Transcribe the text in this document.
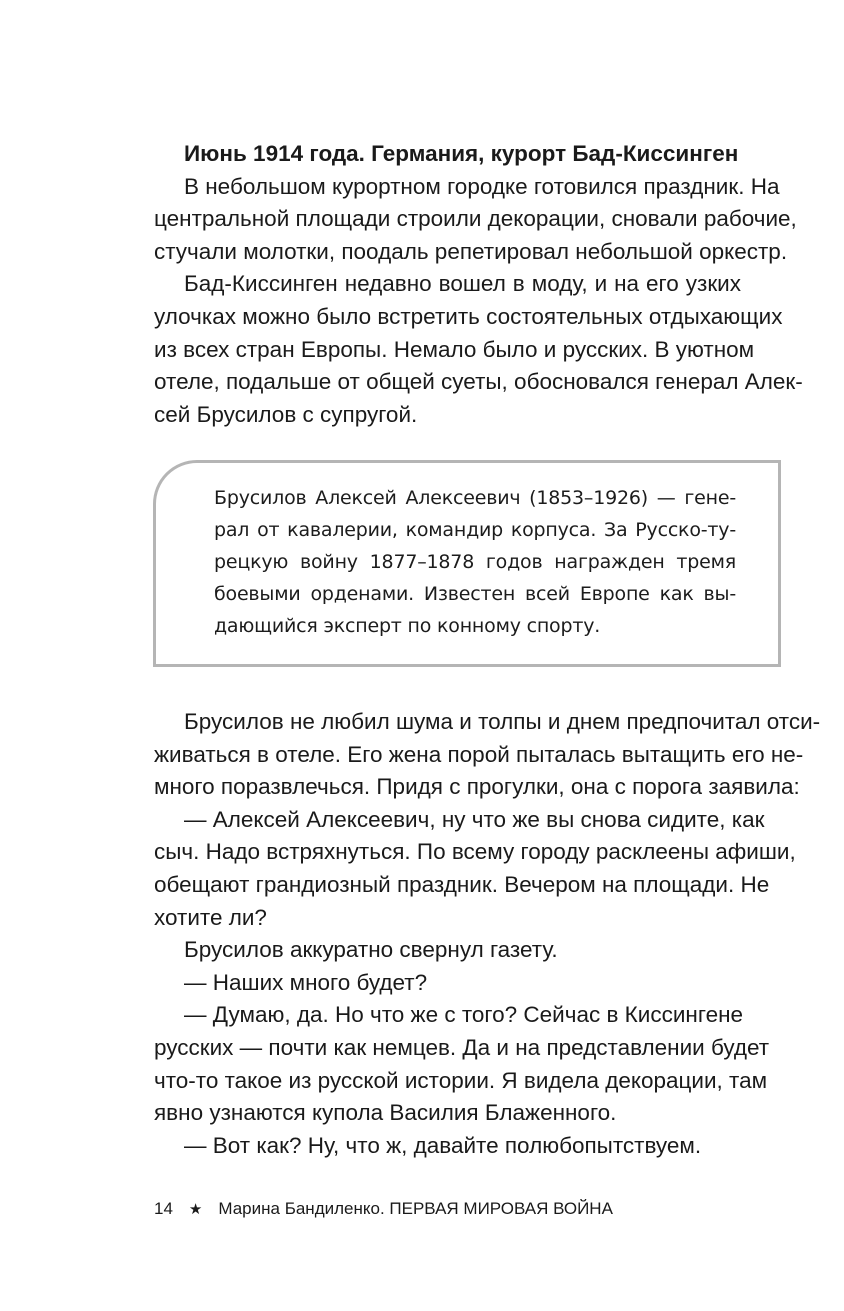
Июнь 1914 года. Германия, курорт Бад-Киссинген
В небольшом курортном городке готовился праздник. На
центральной площади строили декорации, сновали рабочие,
стучали молотки, поодаль репетировал небольшой оркестр.
Бад-Киссинген недавно вошел в моду, и на его узких
улочках можно было встретить состоятельных отдыхающих
из всех стран Европы. Немало было и русских. В уютном
отеле, подальше от общей суеты, обосновался генерал Алек-
сей Брусилов с супругой.
Брусилов Алексей Алексеевич (1853–1926) — гене-
рал от кавалерии, командир корпуса. За Русско-ту-
рецкую войну 1877–1878 годов награжден тремя
боевыми орденами. Известен всей Европе как вы-
дающийся эксперт по конному спорту.
Брусилов не любил шума и толпы и днем предпочитал отси-
живаться в отеле. Его жена порой пыталась вытащить его не-
много поразвлечься. Придя с прогулки, она с порога заявила:
— Алексей Алексеевич, ну что же вы снова сидите, как
сыч. Надо встряхнуться. По всему городу расклеены афиши,
обещают грандиозный праздник. Вечером на площади. Не
хотите ли?
Брусилов аккуратно свернул газету.
— Наших много будет?
— Думаю, да. Но что же с того? Сейчас в Киссингене
русских — почти как немцев. Да и на представлении будет
что-то такое из русской истории. Я видела декорации, там
явно узнаются купола Василия Блаженного.
— Вот как? Ну, что ж, давайте полюбопытствуем.
14 ★ Марина Бандиленко. ПЕРВАЯ МИРОВАЯ ВОЙНА
